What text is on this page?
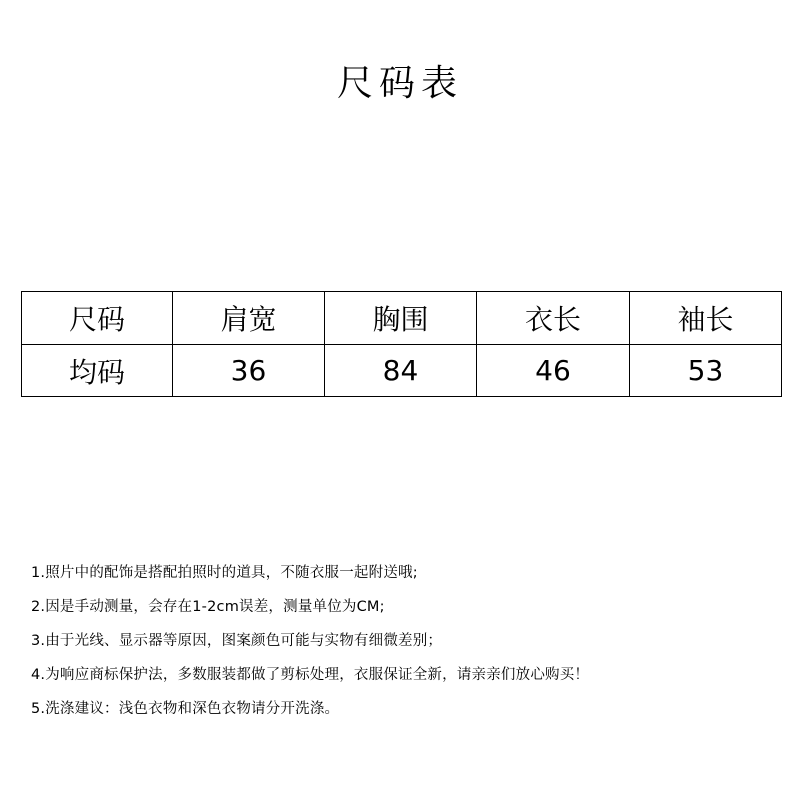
尺码表
尺码	肩宽	胸围	衣长	袖长
均码	36	84	46	53
1.照片中的配饰是搭配拍照时的道具，不随衣服一起附送哦;
2.因是手动测量，会存在1-2cm误差，测量单位为CM;
3.由于光线、显示器等原因，图案颜色可能与实物有细微差别；
4.为响应商标保护法，多数服装都做了剪标处理，衣服保证全新，请亲亲们放心购买！
5.洗涤建议：浅色衣物和深色衣物请分开洗涤。
